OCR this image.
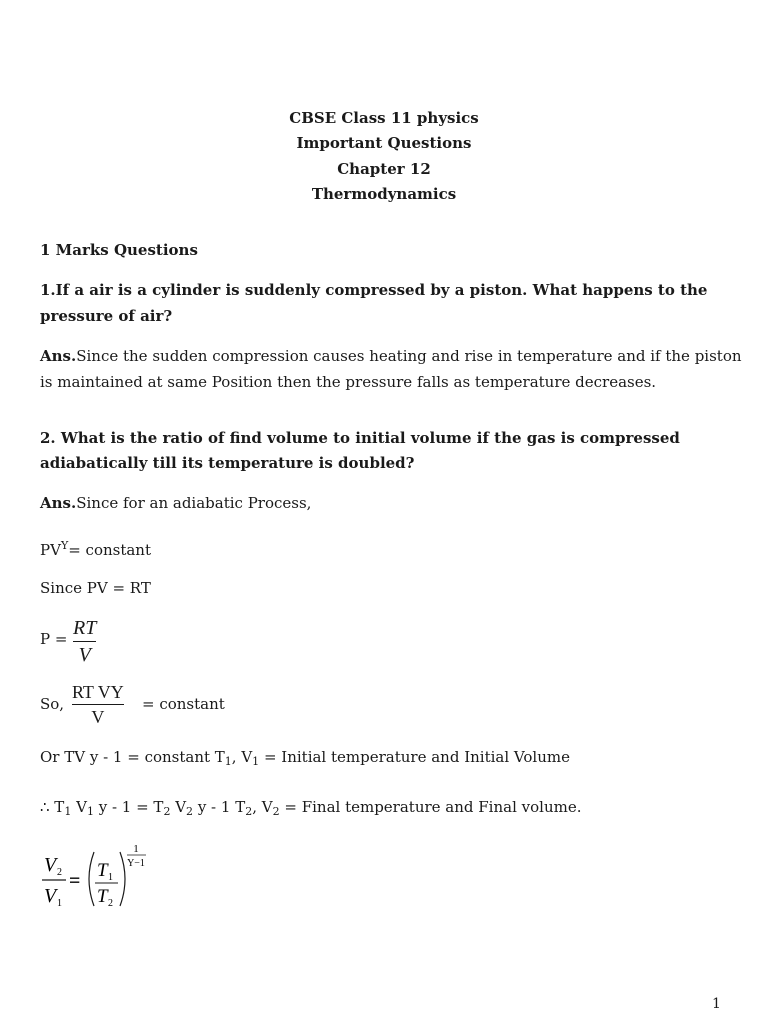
CBSE Class 11 physics
Important Questions
Chapter 12
Thermodynamics
1 Marks Questions
1.If a air is a cylinder is suddenly compressed by a piston. What happens to the
pressure of air?
Ans.Since the sudden compression causes heating and rise in temperature and if the piston
is maintained at same Position then the pressure falls as temperature decreases.
2. What is the ratio of find volume to initial volume if the gas is compressed
adiabatically till its temperature is doubled?
Ans.Since for an adiabatic Process,
$PV^Y=$ constant
Since PV = RT
P = RT
V
So,
RT VY
V
= constant
Or TV y - 1 = constant $T_1$, $V_1$ = Initial temperature and Initial Volume
∴ $T_1$ $V_1$ $y - 1 = T_2$ $V_2$ y - 1 $T_2$, $V_2$ = Final temperature and Final volume.
V 2
V 1
= T 1
T 2
1
Y−1
1
